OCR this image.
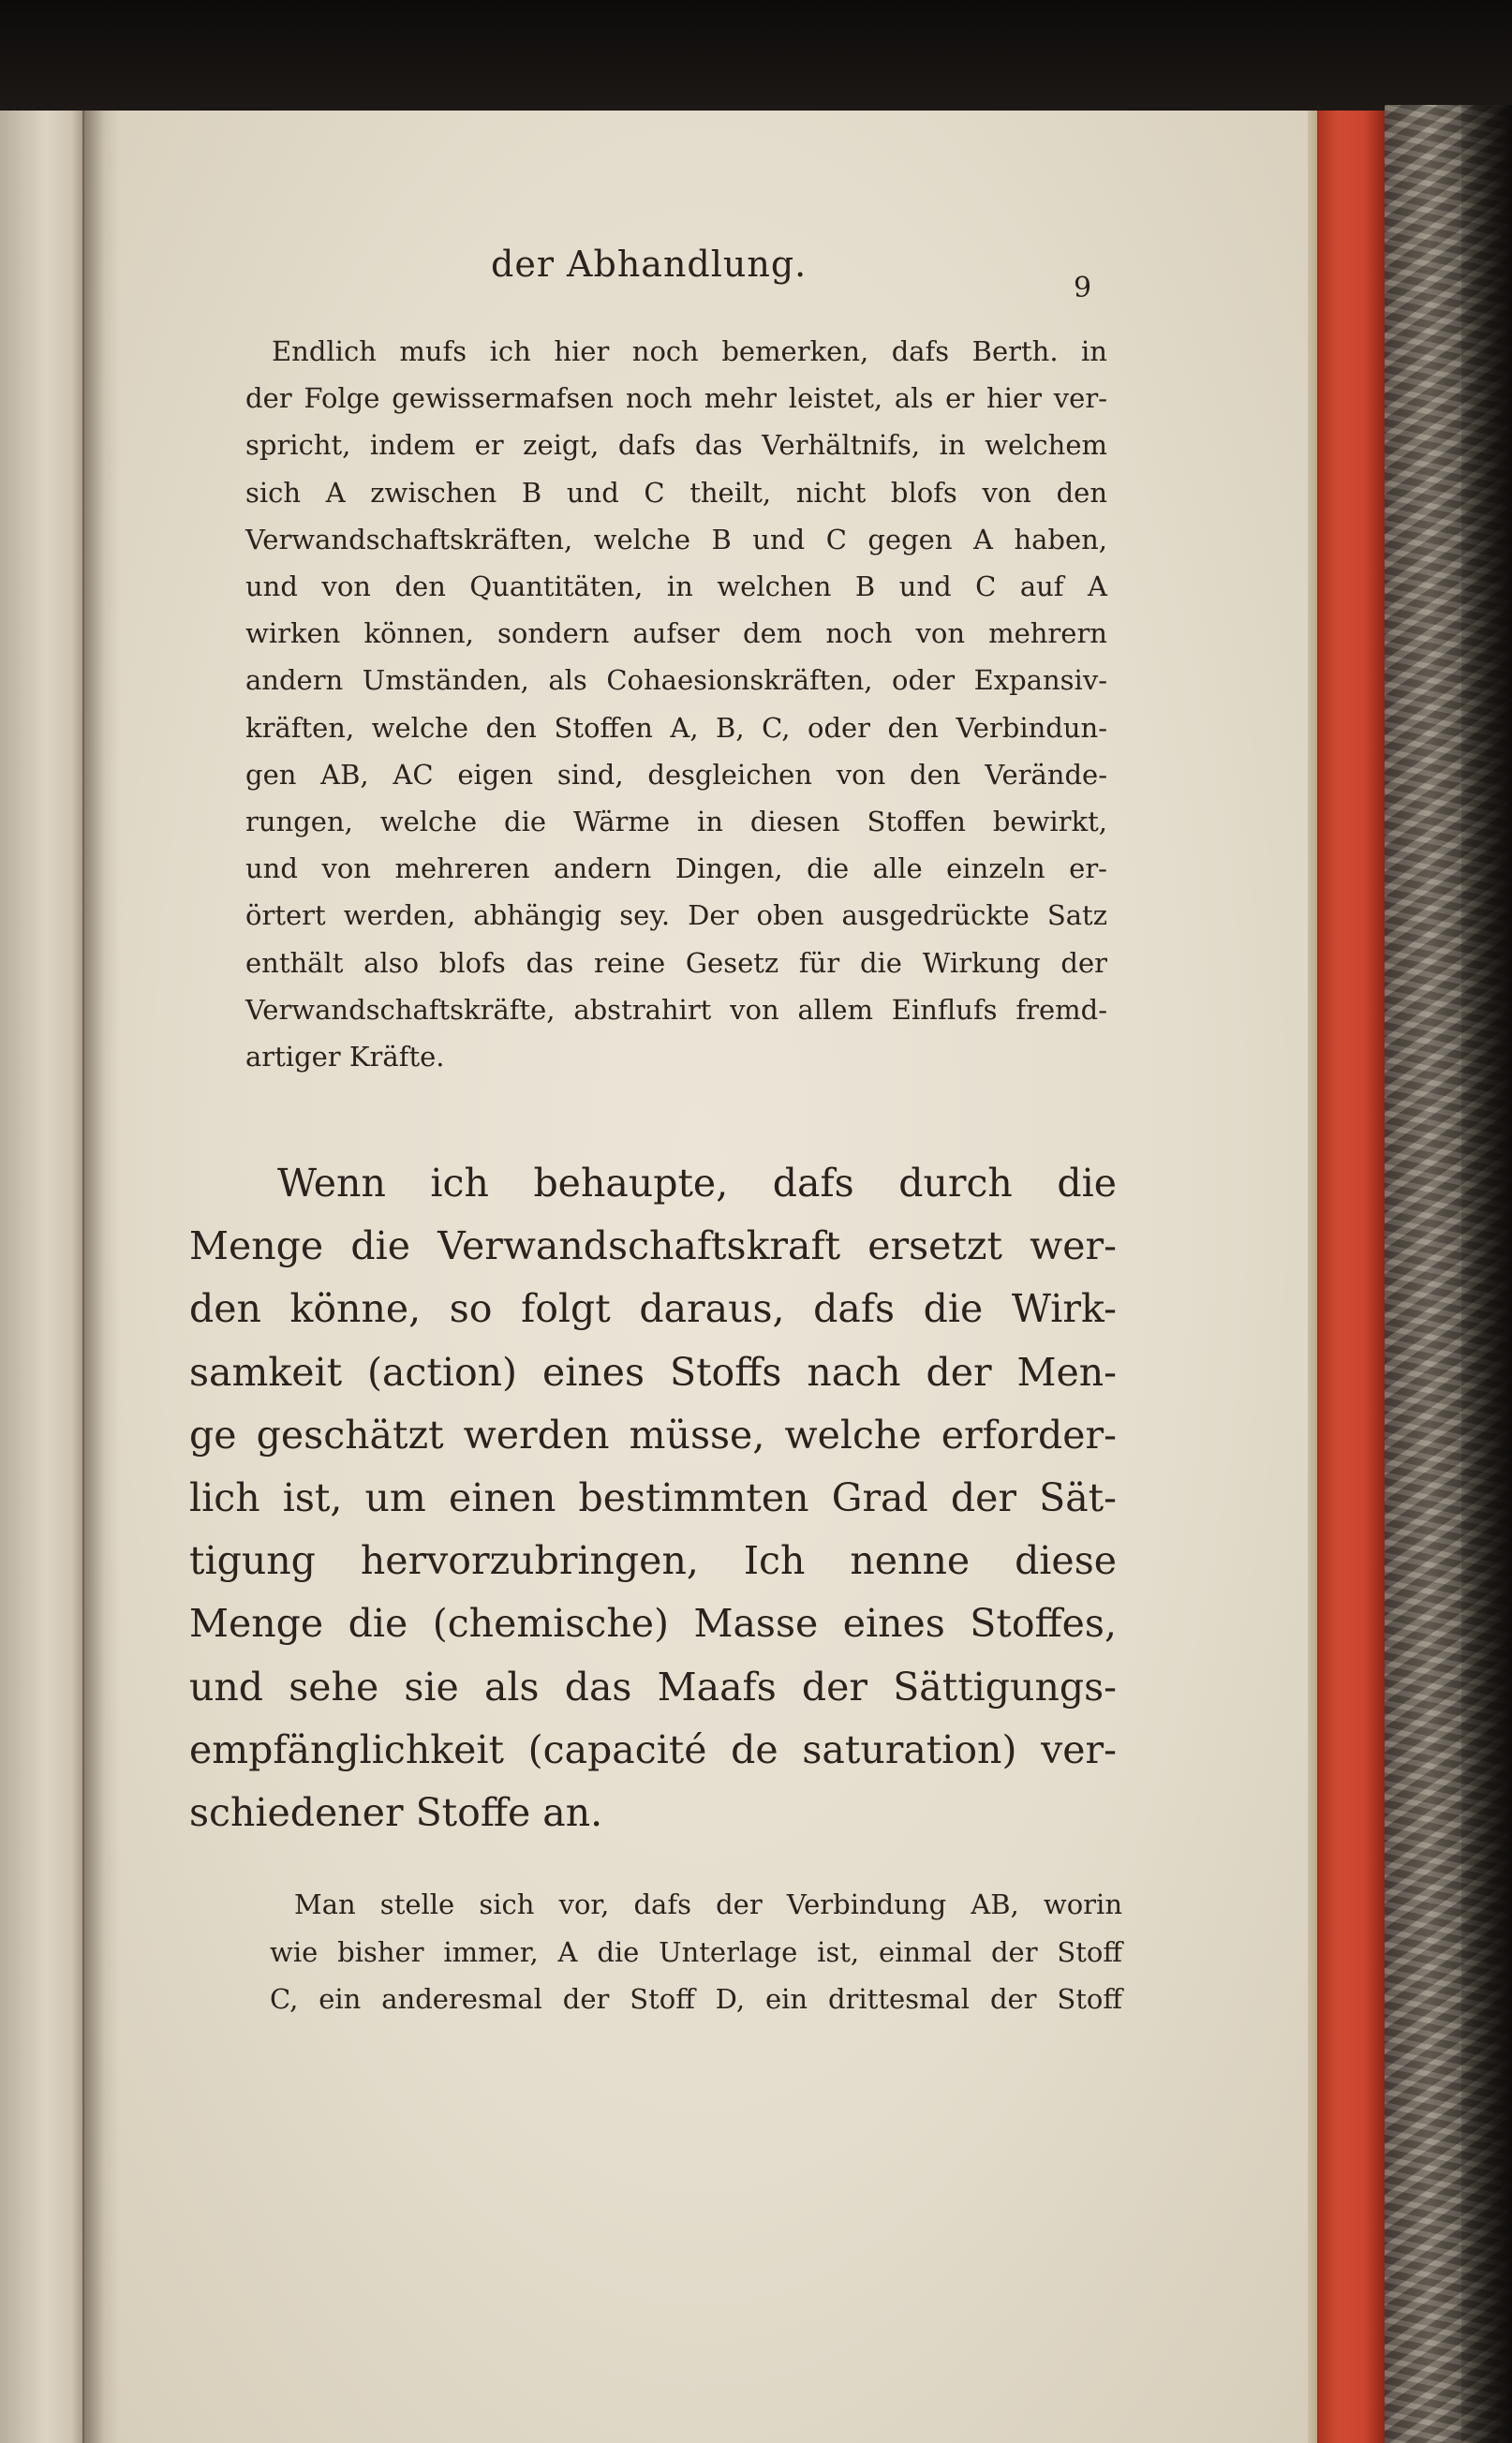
der Abhandlung.
9
Endlich mufs ich hier noch bemerken, dafs Berth. in
der Folge gewissermafsen noch mehr leistet, als er hier ver-
spricht, indem er zeigt, dafs das Verhältnifs, in welchem
sich A zwischen B und C theilt, nicht blofs von den
Verwandschaftskräften, welche B und C gegen A haben,
und von den Quantitäten, in welchen B und C auf A
wirken können, sondern aufser dem noch von mehrern
andern Umständen, als Cohaesionskräften, oder Expansiv-
kräften, welche den Stoffen A, B, C, oder den Verbindun-
gen AB, AC eigen sind, desgleichen von den Verände-
rungen, welche die Wärme in diesen Stoffen bewirkt,
und von mehreren andern Dingen, die alle einzeln er-
örtert werden, abhängig sey. Der oben ausgedrückte Satz
enthält also blofs das reine Gesetz für die Wirkung der
Verwandschaftskräfte, abstrahirt von allem Einflufs fremd-
artiger Kräfte.
Wenn ich behaupte, dafs durch die
Menge die Verwandschaftskraft ersetzt wer-
den könne, so folgt daraus, dafs die Wirk-
samkeit (action) eines Stoffs nach der Men-
ge geschätzt werden müsse, welche erforder-
lich ist, um einen bestimmten Grad der Sät-
tigung hervorzubringen, Ich nenne diese
Menge die (chemische) Masse eines Stoffes,
und sehe sie als das Maafs der Sättigungs-
empfänglichkeit (capacité de saturation) ver-
schiedener Stoffe an.
Man stelle sich vor, dafs der Verbindung AB, worin
wie bisher immer, A die Unterlage ist, einmal der Stoff
C, ein anderesmal der Stoff D, ein drittesmal der Stoff
